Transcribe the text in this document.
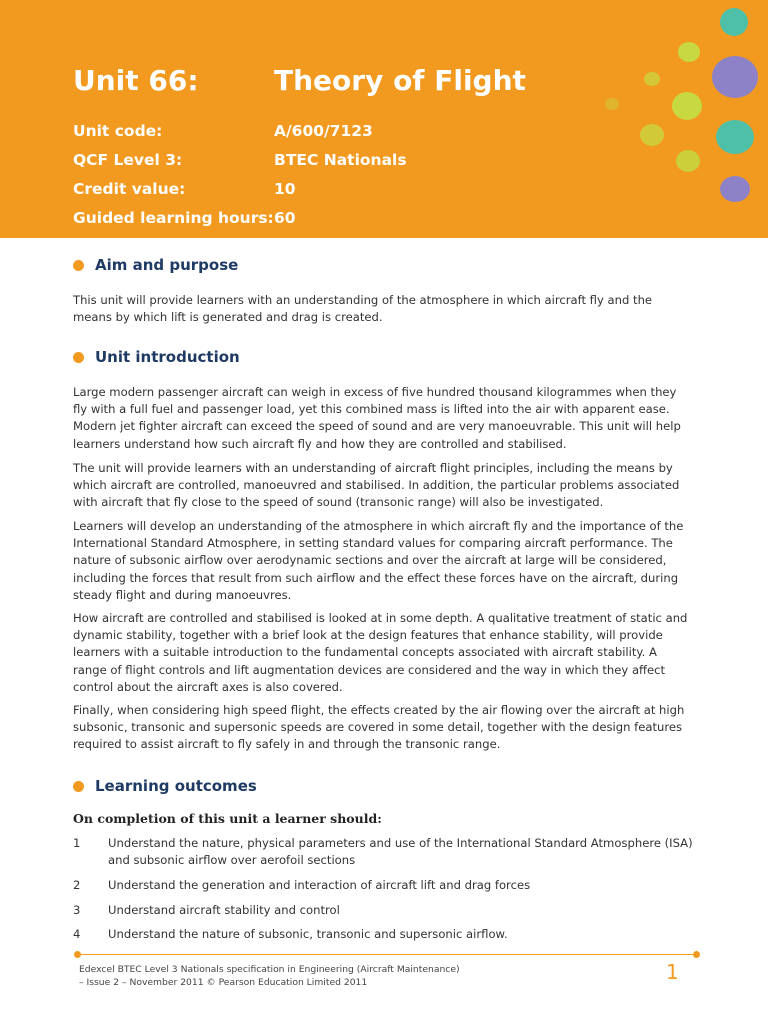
Unit 66:	Theory of Flight
Unit code:	A/600/7123
QCF Level 3:	BTEC Nationals
Credit value:	10
Guided learning hours: 60
Aim and purpose

This unit will provide learners with an understanding of the atmosphere in which aircraft fly and the means by which lift is generated and drag is created.

Unit introduction

Large modern passenger aircraft can weigh in excess of five hundred thousand kilogrammes when they fly with a full fuel and passenger load, yet this combined mass is lifted into the air with apparent ease. Modern jet fighter aircraft can exceed the speed of sound and are very manoeuvrable. This unit will help learners understand how such aircraft fly and how they are controlled and stabilised.

The unit will provide learners with an understanding of aircraft flight principles, including the means by which aircraft are controlled, manoeuvred and stabilised. In addition, the particular problems associated with aircraft that fly close to the speed of sound (transonic range) will also be investigated.

Learners will develop an understanding of the atmosphere in which aircraft fly and the importance of the International Standard Atmosphere, in setting standard values for comparing aircraft performance. The nature of subsonic airflow over aerodynamic sections and over the aircraft at large will be considered, including the forces that result from such airflow and the effect these forces have on the aircraft, during steady flight and during manoeuvres.

How aircraft are controlled and stabilised is looked at in some depth. A qualitative treatment of static and dynamic stability, together with a brief look at the design features that enhance stability, will provide learners with a suitable introduction to the fundamental concepts associated with aircraft stability. A range of flight controls and lift augmentation devices are considered and the way in which they affect control about the aircraft axes is also covered.

Finally, when considering high speed flight, the effects created by the air flowing over the aircraft at high subsonic, transonic and supersonic speeds are covered in some detail, together with the design features required to assist aircraft to fly safely in and through the transonic range.

Learning outcomes

On completion of this unit a learner should:

1	Understand the nature, physical parameters and use of the International Standard Atmosphere (ISA) and subsonic airflow over aerofoil sections
2	Understand the generation and interaction of aircraft lift and drag forces
3	Understand aircraft stability and control
4	Understand the nature of subsonic, transonic and supersonic airflow.
Edexcel BTEC Level 3 Nationals specification in Engineering (Aircraft Maintenance)
– Issue 2 – November 2011 © Pearson Education Limited 2011	1
